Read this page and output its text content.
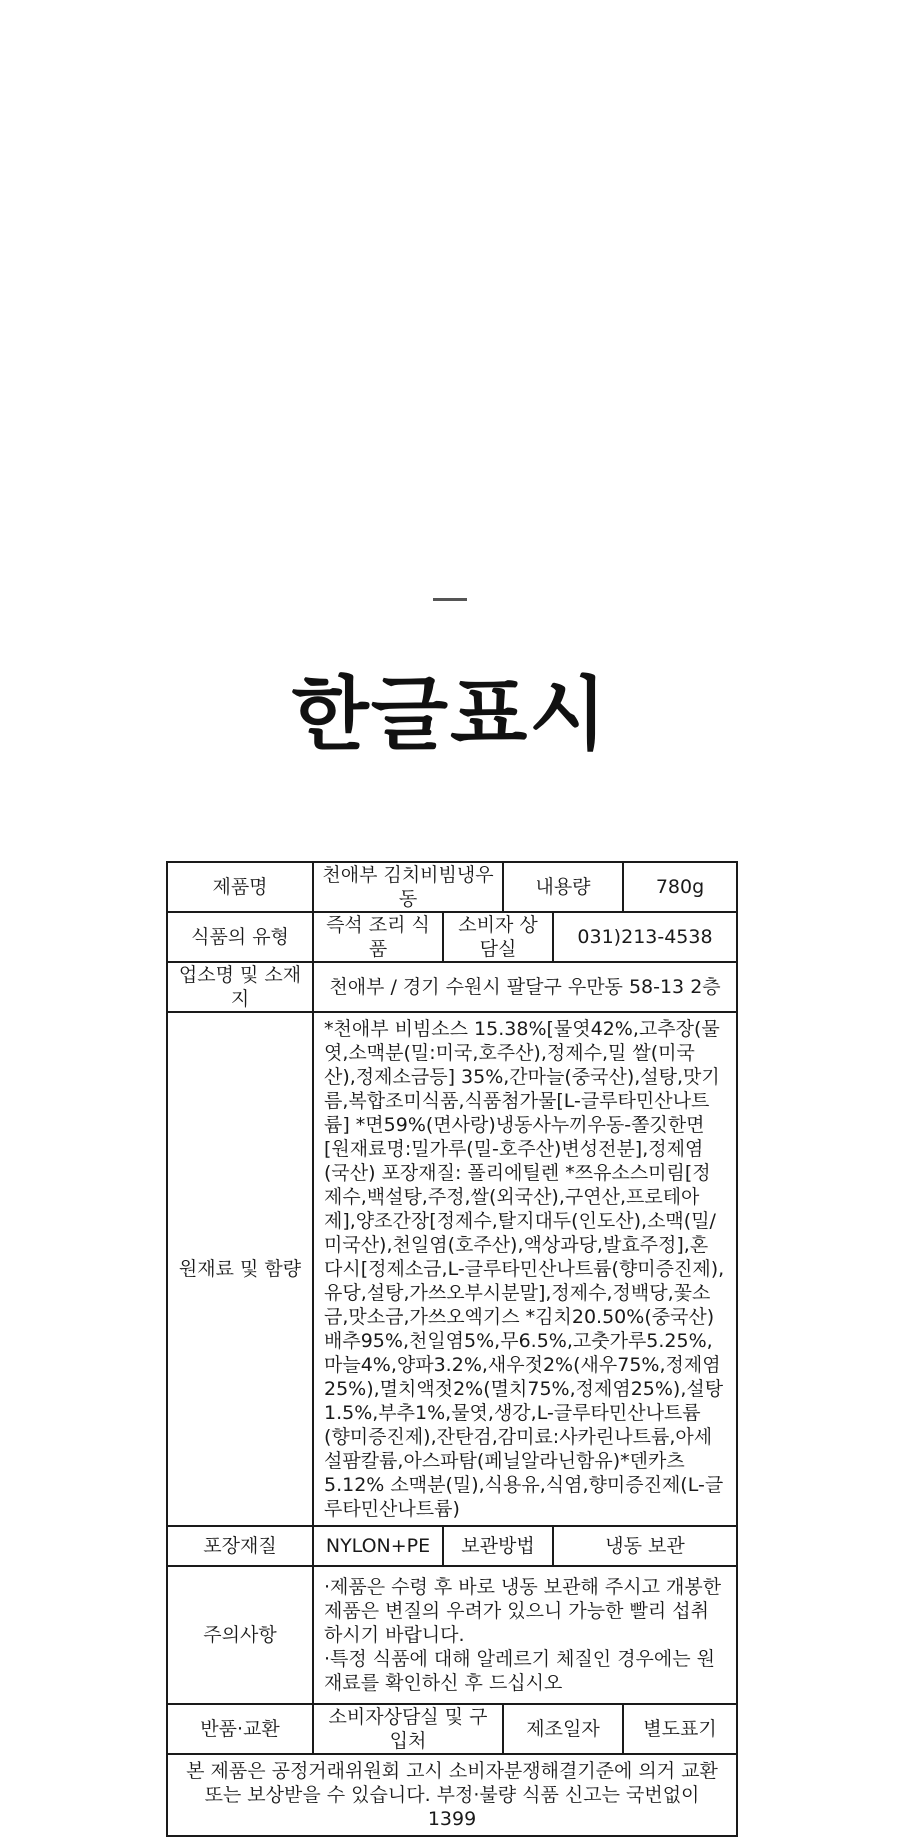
한글표시
제품명	천애부 김치비빔냉우동		내용량		780g
식품의 유형	즉석 조리 식품	소비자 상담실		031)213-4538	
업소명 및 소재지	천애부 / 경기 수원시 팔달구 우만동 58-13 2층				
원재료 및 함량	*천애부 비빔소스 15.38%[물엿42%,고추장(물엿,소맥분(밀:미국,호주산),정제수,밀 쌀(미국산),정제소금등] 35%,간마늘(중국산),설탕,맛기름,복합조미식품,식품첨가물[L-글루타민산나트륨] *면59%(면사랑)냉동사누끼우동-쫄깃한면[원재료명:밀가루(밀-호주산)변성전분],정제염(국산) 포장재질: 폴리에틸렌 *쯔유소스미림[정제수,백설탕,주정,쌀(외국산),구연산,프로테아제],양조간장[정제수,탈지대두(인도산),소맥(밀/미국산),천일염(호주산),액상과당,발효주정],혼다시[정제소금,L-글루타민산나트륨(향미증진제),유당,설탕,가쓰오부시분말],정제수,정백당,꽃소금,맛소금,가쓰오엑기스 *김치20.50%(중국산)배추95%,천일염5%,무6.5%,고춧가루5.25%,마늘4%,양파3.2%,새우젓2%(새우75%,정제염25%),멸치액젓2%(멸치75%,정제염25%),설탕1.5%,부추1%,물엿,생강,L-글루타민산나트륨(향미증진제),잔탄검,감미료:사카린나트륨,아세설팜칼륨,아스파탐(페닐알라닌함유)*덴카츠5.12% 소맥분(밀),식용유,식염,향미증진제(L-글루타민산나트륨)				
포장재질	NYLON+PE	보관방법		냉동 보관	
주의사항	·제품은 수령 후 바로 냉동 보관해 주시고 개봉한 제품은 변질의 우려가 있으니 가능한 빨리 섭취하시기 바랍니다.
·특정 식품에 대해 알레르기 체질인 경우에는 원재료를 확인하신 후 드십시오				

반품·교환	소비자상담실 및 구입처		제조일자		별도표기
본 제품은 공정거래위원회 고시 소비자분쟁해결기준에 의거 교환 또는 보상받을 수 있습니다. 부정·불량 식품 신고는 국번없이 1399					
